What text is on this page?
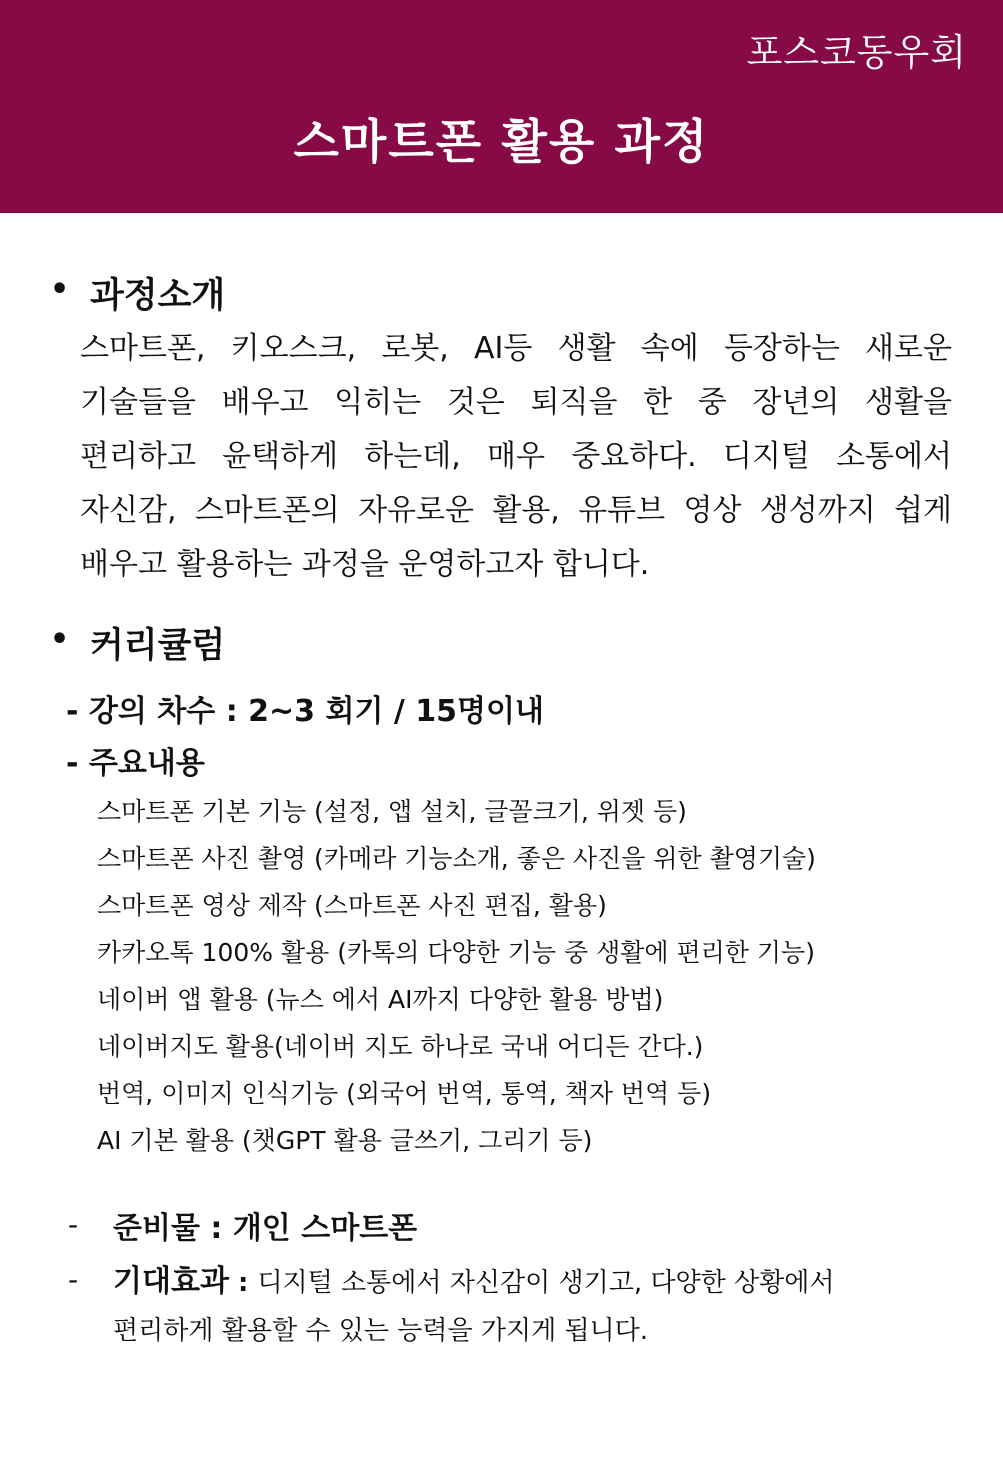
포스코동우회
스마트폰 활용 과정
• 과정소개
스마트폰, 키오스크, 로봇, AI등 생활 속에 등장하는 새로운
기술들을 배우고 익히는 것은 퇴직을 한 중 장년의 생활을
편리하고 윤택하게 하는데, 매우 중요하다. 디지털 소통에서
자신감, 스마트폰의 자유로운 활용, 유튜브 영상 생성까지 쉽게
배우고 활용하는 과정을 운영하고자 합니다.
• 커리큘럼
- 강의 차수 : 2~3 회기 / 15명이내
- 주요내용
스마트폰 기본 기능 (설정, 앱 설치, 글꼴크기, 위젯 등)
스마트폰 사진 촬영 (카메라 기능소개, 좋은 사진을 위한 촬영기술)
스마트폰 영상 제작 (스마트폰 사진 편집, 활용)
카카오톡 100% 활용 (카톡의 다양한 기능 중 생활에 편리한 기능)
네이버 앱 활용 (뉴스 에서 AI까지 다양한 활용 방법)
네이버지도 활용(네이버 지도 하나로 국내 어디든 간다.)
번역, 이미지 인식기능 (외국어 번역, 통역, 책자 번역 등)
AI 기본 활용 (챗GPT 활용 글쓰기, 그리기 등)
- 준비물 : 개인 스마트폰
- 기대효과 : 디지털 소통에서 자신감이 생기고, 다양한 상황에서
편리하게 활용할 수 있는 능력을 가지게 됩니다.
